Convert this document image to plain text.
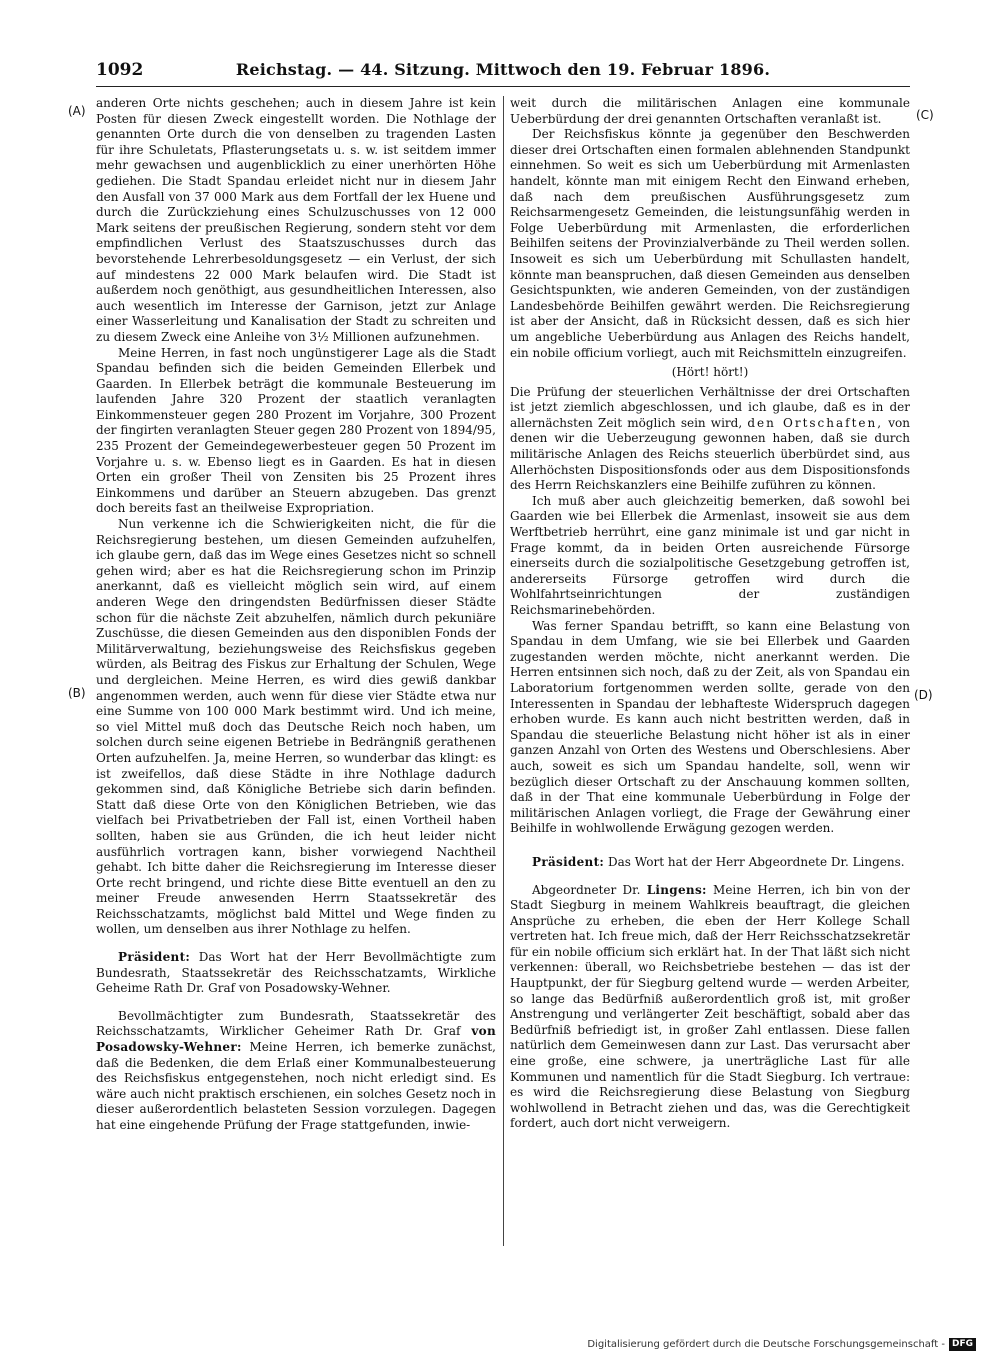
1092	Reichstag. — 44. Sitzung. Mittwoch den 19. Februar 1896.
(A)
(B)
(C)
(D)

anderen Orte nichts geschehen; auch in diesem Jahre ist kein Posten für diesen Zweck eingestellt worden. Die Nothlage der genannten Orte durch die von denselben zu tragenden Lasten für ihre Schuletats, Pflasterungsetats u. s. w. ist seitdem immer mehr gewachsen und augenblicklich zu einer unerhörten Höhe gediehen. Die Stadt Spandau erleidet nicht nur in diesem Jahr den Ausfall von 37 000 Mark aus dem Fortfall der lex Huene und durch die Zurückziehung eines Schulzuschusses von 12 000 Mark seitens der preußischen Regierung, sondern steht vor dem empfindlichen Verlust des Staatszuschusses durch das bevorstehende Lehrerbesoldungsgesetz — ein Verlust, der sich auf mindestens 22 000 Mark belaufen wird. Die Stadt ist außerdem noch genöthigt, aus gesundheitlichen Interessen, also auch wesentlich im Interesse der Garnison, jetzt zur Anlage einer Wasserleitung und Kanalisation der Stadt zu schreiten und zu diesem Zweck eine Anleihe von 3½ Millionen aufzunehmen.

Meine Herren, in fast noch ungünstigerer Lage als die Stadt Spandau befinden sich die beiden Gemeinden Ellerbek und Gaarden. In Ellerbek beträgt die kommunale Besteuerung im laufenden Jahre 320 Prozent der staatlich veranlagten Einkommensteuer gegen 280 Prozent im Vorjahre, 300 Prozent der fingirten veranlagten Steuer gegen 280 Prozent von 1894/95, 235 Prozent der Gemeindegewerbesteuer gegen 50 Prozent im Vorjahre u. s. w. Ebenso liegt es in Gaarden. Es hat in diesen Orten ein großer Theil von Zensiten bis 25 Prozent ihres Einkommens und darüber an Steuern abzugeben. Das grenzt doch bereits fast an theilweise Expropriation.

Nun verkenne ich die Schwierigkeiten nicht, die für die Reichsregierung bestehen, um diesen Gemeinden aufzuhelfen, ich glaube gern, daß das im Wege eines Gesetzes nicht so schnell gehen wird; aber es hat die Reichsregierung schon im Prinzip anerkannt, daß es vielleicht möglich sein wird, auf einem anderen Wege den dringendsten Bedürfnissen dieser Städte schon für die nächste Zeit abzuhelfen, nämlich durch pekuniäre Zuschüsse, die diesen Gemeinden aus den disponiblen Fonds der Militärverwaltung, beziehungsweise des Reichsfiskus gegeben würden, als Beitrag des Fiskus zur Erhaltung der Schulen, Wege und dergleichen. Meine Herren, es wird dies gewiß dankbar angenommen werden, auch wenn für diese vier Städte etwa nur eine Summe von 100 000 Mark bestimmt wird. Und ich meine, so viel Mittel muß doch das Deutsche Reich noch haben, um solchen durch seine eigenen Betriebe in Bedrängniß gerathenen Orten aufzuhelfen. Ja, meine Herren, so wunderbar das klingt: es ist zweifellos, daß diese Städte in ihre Nothlage dadurch gekommen sind, daß Königliche Betriebe sich darin befinden. Statt daß diese Orte von den Königlichen Betrieben, wie das vielfach bei Privatbetrieben der Fall ist, einen Vortheil haben sollten, haben sie aus Gründen, die ich heut leider nicht ausführlich vortragen kann, bisher vorwiegend Nachtheil gehabt. Ich bitte daher die Reichsregierung im Interesse dieser Orte recht bringend, und richte diese Bitte eventuell an den zu meiner Freude anwesenden Herrn Staatssekretär des Reichsschatzamts, möglichst bald Mittel und Wege finden zu wollen, um denselben aus ihrer Nothlage zu helfen.

Präsident: Das Wort hat der Herr Bevollmächtigte zum Bundesrath, Staatssekretär des Reichsschatzamts, Wirkliche Geheime Rath Dr. Graf von Posadowsky-Wehner.

Bevollmächtigter zum Bundesrath, Staatssekretär des Reichsschatzamts, Wirklicher Geheimer Rath Dr. Graf von Posadowsky-Wehner: Meine Herren, ich bemerke zunächst, daß die Bedenken, die dem Erlaß einer Kommunalbesteuerung des Reichsfiskus entgegenstehen, noch nicht erledigt sind. Es wäre auch nicht praktisch erschienen, ein solches Gesetz noch in dieser außerordentlich belasteten Session vorzulegen. Dagegen hat eine eingehende Prüfung der Frage stattgefunden, inwie-

weit durch die militärischen Anlagen eine kommunale Ueberbürdung der drei genannten Ortschaften veranlaßt ist.

Der Reichsfiskus könnte ja gegenüber den Beschwerden dieser drei Ortschaften einen formalen ablehnenden Standpunkt einnehmen. So weit es sich um Ueberbürdung mit Armenlasten handelt, könnte man mit einigem Recht den Einwand erheben, daß nach dem preußischen Ausführungsgesetz zum Reichsarmengesetz Gemeinden, die leistungsunfähig werden in Folge Ueberbürdung mit Armenlasten, die erforderlichen Beihilfen seitens der Provinzialverbände zu Theil werden sollen. Insoweit es sich um Ueberbürdung mit Schullasten handelt, könnte man beanspruchen, daß diesen Gemeinden aus denselben Gesichtspunkten, wie anderen Gemeinden, von der zuständigen Landesbehörde Beihilfen gewährt werden. Die Reichsregierung ist aber der Ansicht, daß in Rücksicht dessen, daß es sich hier um angebliche Ueberbürdung aus Anlagen des Reichs handelt, ein nobile officium vorliegt, auch mit Reichsmitteln einzugreifen.

(Hört! hört!)

Die Prüfung der steuerlichen Verhältnisse der drei Ortschaften ist jetzt ziemlich abgeschlossen, und ich glaube, daß es in der allernächsten Zeit möglich sein wird, den Ortschaften, von denen wir die Ueberzeugung gewonnen haben, daß sie durch militärische Anlagen des Reichs steuerlich überbürdet sind, aus Allerhöchsten Dispositionsfonds oder aus dem Dispositionsfonds des Herrn Reichskanzlers eine Beihilfe zuführen zu können.

Ich muß aber auch gleichzeitig bemerken, daß sowohl bei Gaarden wie bei Ellerbek die Armenlast, insoweit sie aus dem Werftbetrieb herrührt, eine ganz minimale ist und gar nicht in Frage kommt, da in beiden Orten ausreichende Fürsorge einerseits durch die sozialpolitische Gesetzgebung getroffen ist, andererseits Fürsorge getroffen wird durch die Wohlfahrtseinrichtungen der zuständigen Reichsmarinebehörden.

Was ferner Spandau betrifft, so kann eine Belastung von Spandau in dem Umfang, wie sie bei Ellerbek und Gaarden zugestanden werden möchte, nicht anerkannt werden. Die Herren entsinnen sich noch, daß zu der Zeit, als von Spandau ein Laboratorium fortgenommen werden sollte, gerade von den Interessenten in Spandau der lebhafteste Widerspruch dagegen erhoben wurde. Es kann auch nicht bestritten werden, daß in Spandau die steuerliche Belastung nicht höher ist als in einer ganzen Anzahl von Orten des Westens und Oberschlesiens. Aber auch, soweit es sich um Spandau handelte, soll, wenn wir bezüglich dieser Ortschaft zu der Anschauung kommen sollten, daß in der That eine kommunale Ueberbürdung in Folge der militärischen Anlagen vorliegt, die Frage der Gewährung einer Beihilfe in wohlwollende Erwägung gezogen werden.

Präsident: Das Wort hat der Herr Abgeordnete Dr. Lingens.

Abgeordneter Dr. Lingens: Meine Herren, ich bin von der Stadt Siegburg in meinem Wahlkreis beauftragt, die gleichen Ansprüche zu erheben, die eben der Herr Kollege Schall vertreten hat. Ich freue mich, daß der Herr Reichsschatzsekretär für ein nobile officium sich erklärt hat. In der That läßt sich nicht verkennen: überall, wo Reichsbetriebe bestehen — das ist der Hauptpunkt, der für Siegburg geltend wurde — werden Arbeiter, so lange das Bedürfniß außerordentlich groß ist, mit großer Anstrengung und verlängerter Zeit beschäftigt, sobald aber das Bedürfniß befriedigt ist, in großer Zahl entlassen. Diese fallen natürlich dem Gemeinwesen dann zur Last. Das verursacht aber eine große, eine schwere, ja unerträgliche Last für alle Kommunen und namentlich für die Stadt Siegburg. Ich vertraue: es wird die Reichsregierung diese Belastung von Siegburg wohlwollend in Betracht ziehen und das, was die Gerechtigkeit fordert, auch dort nicht verweigern.

Digitalisierung gefördert durch die Deutsche Forschungsgemeinschaft - DFG
